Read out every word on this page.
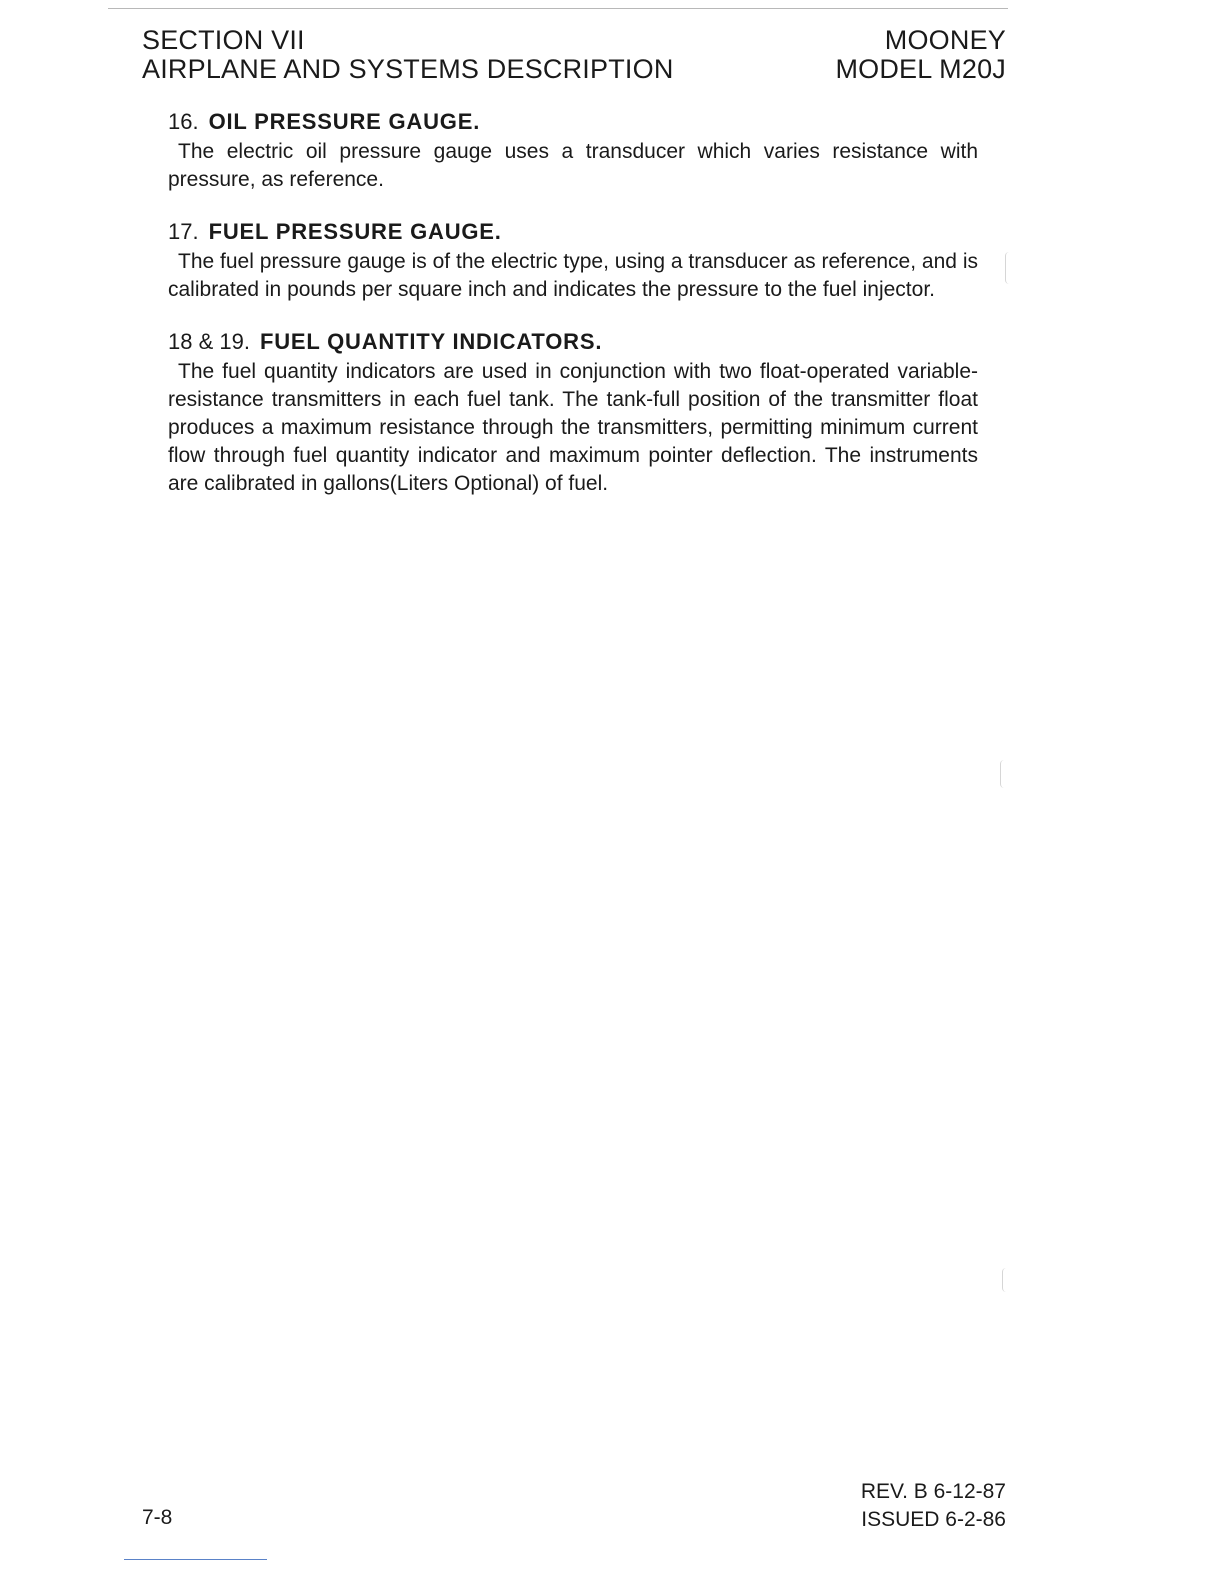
SECTION VII
AIRPLANE AND SYSTEMS DESCRIPTION
MOONEY
MODEL M20J

16. OIL PRESSURE GAUGE.

The electric oil pressure gauge uses a transducer which varies resistance with pressure, as reference.

17. FUEL PRESSURE GAUGE.

The fuel pressure gauge is of the electric type, using a transducer as reference, and is calibrated in pounds per square inch and indicates the pressure to the fuel injector.

18 & 19. FUEL QUANTITY INDICATORS.

The fuel quantity indicators are used in conjunction with two float-operated variable- resistance transmitters in each fuel tank. The tank-full position of the transmitter float produces a maximum resistance through the transmitters, permitting minimum current flow through fuel quantity indicator and maximum pointer deflection. The instruments are calibrated in gallons(Liters Optional) of fuel.

7-8
REV. B 6-12-87
ISSUED 6-2-86
